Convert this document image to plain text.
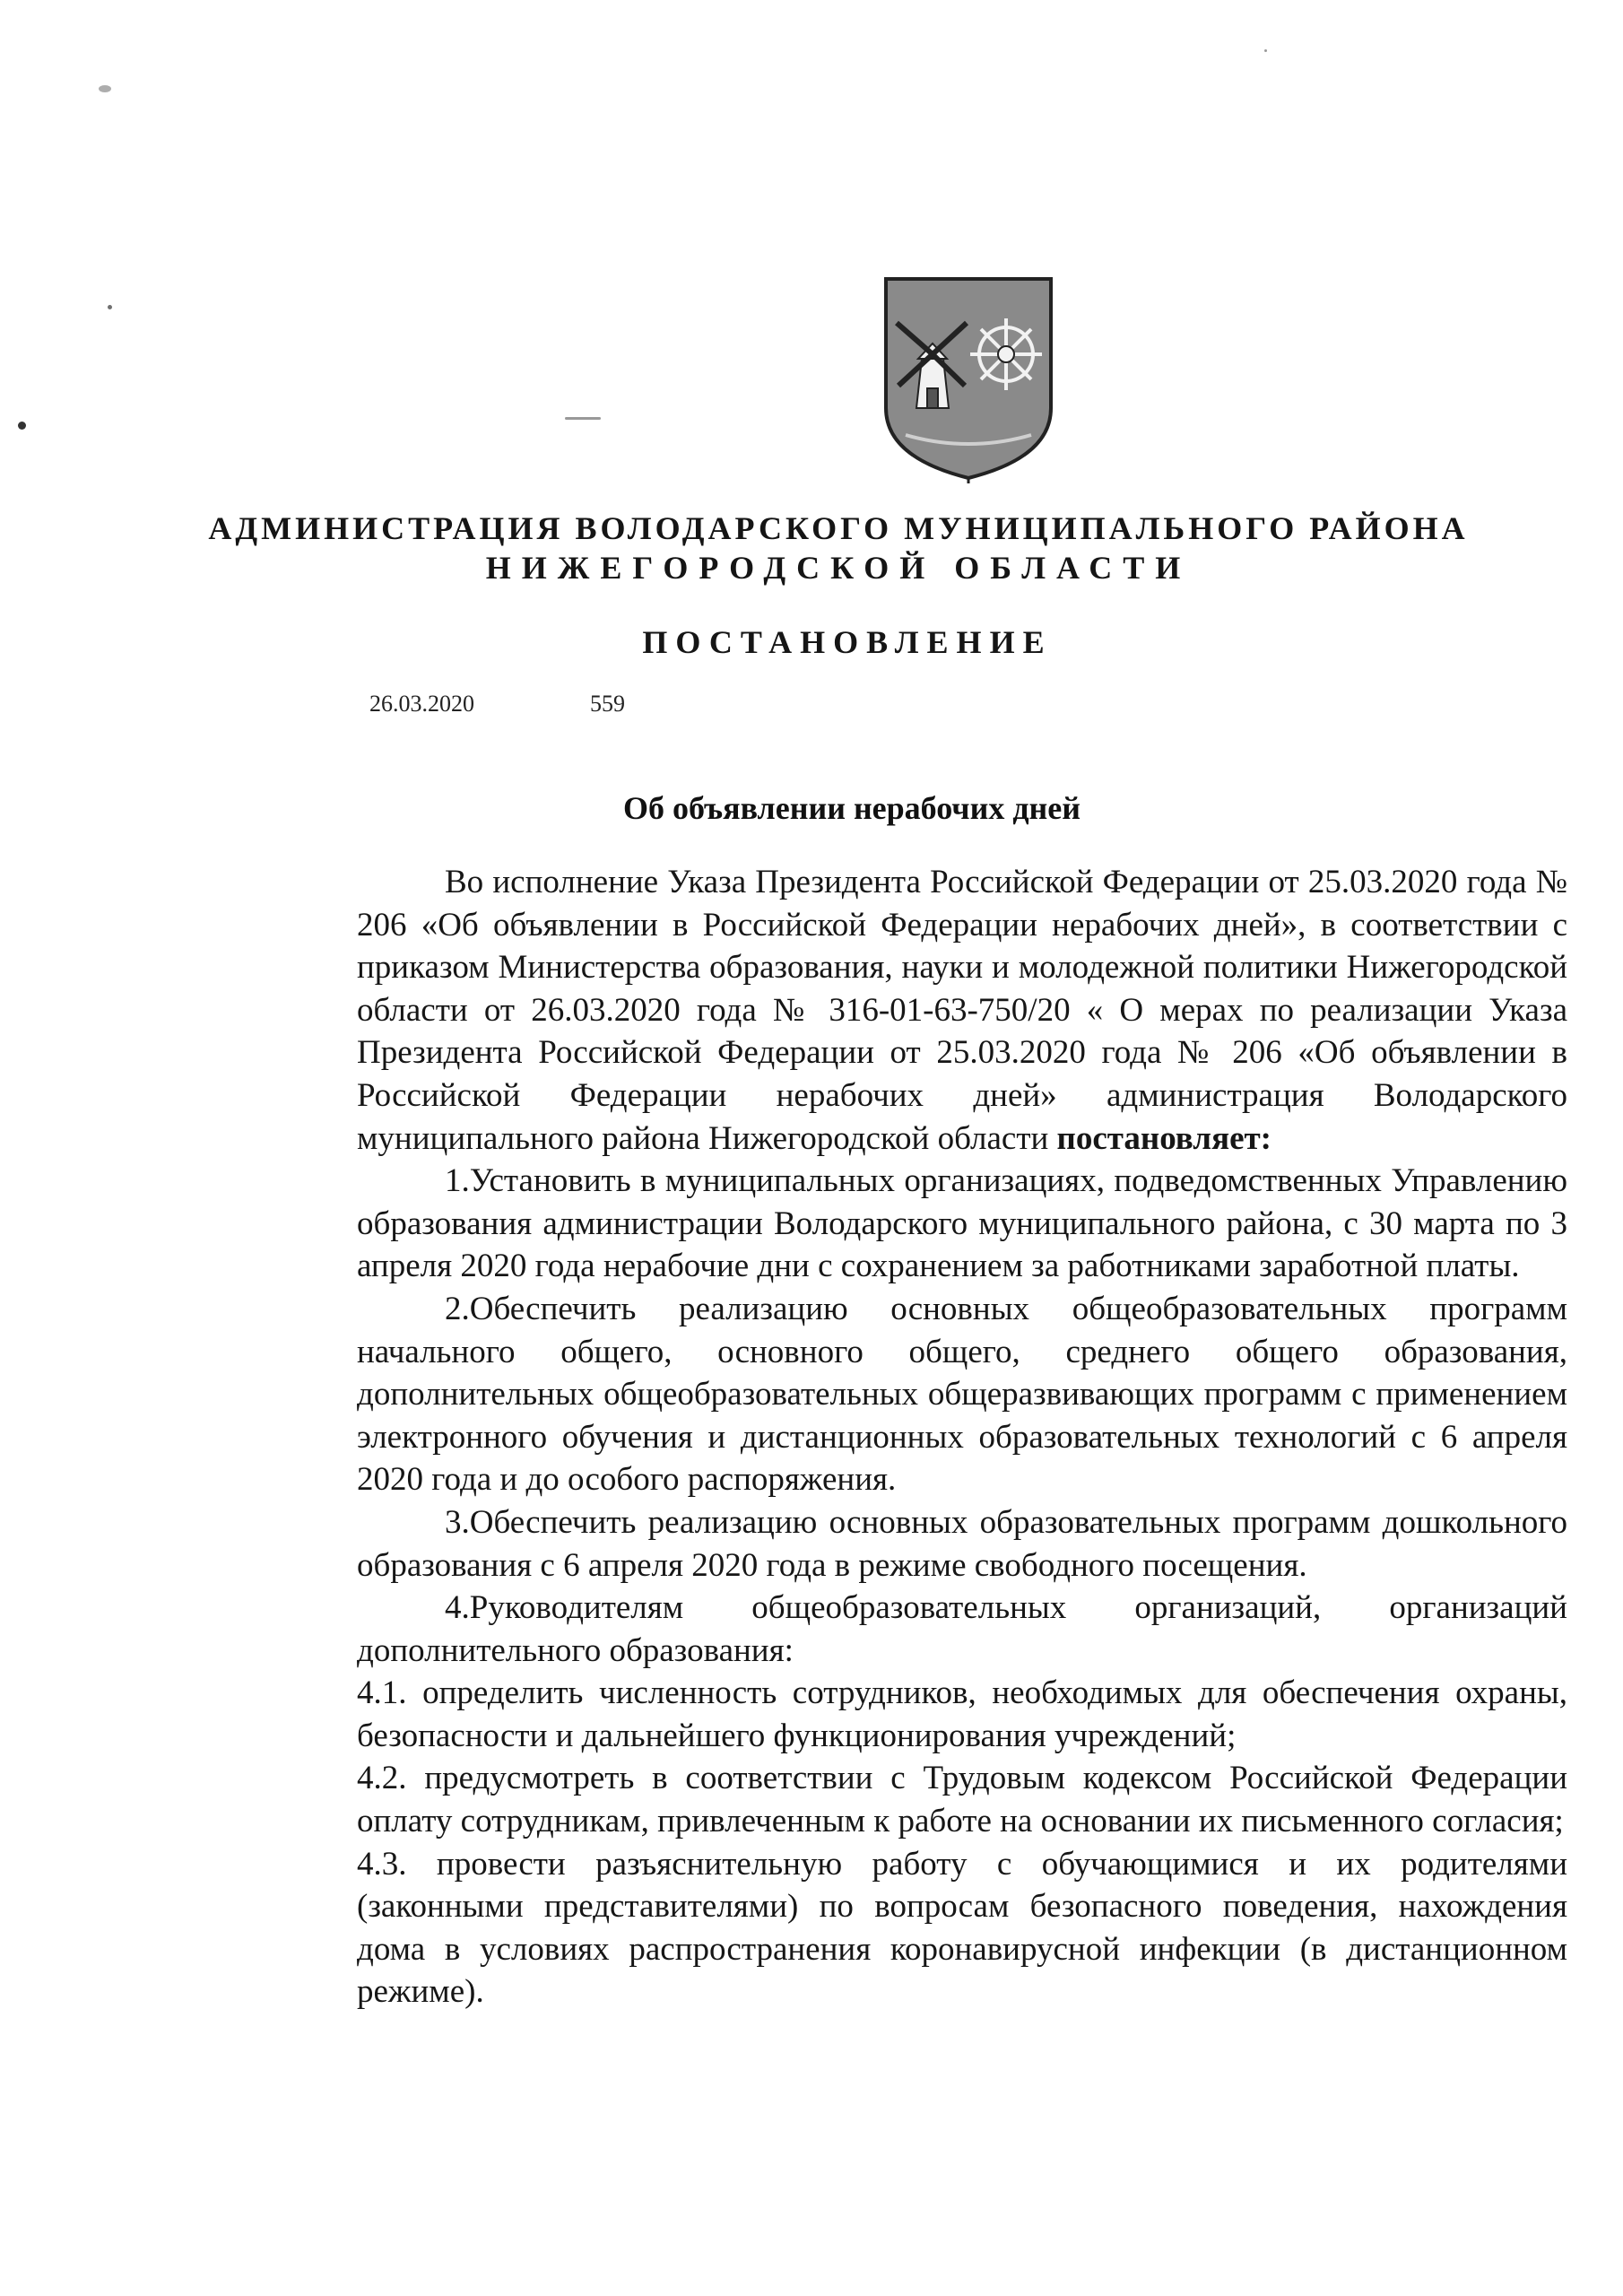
АДМИНИСТРАЦИЯ ВОЛОДАРСКОГО МУНИЦИПАЛЬНОГО РАЙОНА
НИЖЕГОРОДСКОЙ ОБЛАСТИ
ПОСТАНОВЛЕНИЕ
26.03.2020	559
Об объявлении нерабочих дней

Во исполнение Указа Президента Российской Федерации от 25.03.2020 года № 206 «Об объявлении в Российской Федерации нерабочих дней», в соответствии с приказом Министерства образования, науки и молодежной политики Нижегородской области от 26.03.2020 года № 316-01-63-750/20 « О мерах по реализации Указа Президента Российской Федерации от 25.03.2020 года № 206 «Об объявлении в Российской Федерации нерабочих дней» администрация Володарского муниципального района Нижегородской области постановляет:

1.Установить в муниципальных организациях, подведомственных Управлению образования администрации Володарского муниципального района, с 30 марта по 3 апреля 2020 года нерабочие дни с сохранением за работниками заработной платы.

2.Обеспечить реализацию основных общеобразовательных программ начального общего, основного общего, среднего общего образования, дополнительных общеобразовательных общеразвивающих программ с применением электронного обучения и дистанционных образовательных технологий с 6 апреля 2020 года и до особого распоряжения.

3.Обеспечить реализацию основных образовательных программ дошкольного образования с 6 апреля 2020 года в режиме свободного посещения.

4.Руководителям общеобразовательных организаций, организаций дополнительного образования:

4.1. определить численность сотрудников, необходимых для обеспечения охраны, безопасности и дальнейшего функционирования учреждений;

4.2. предусмотреть в соответствии с Трудовым кодексом Российской Федерации оплату сотрудникам, привлеченным к работе на основании их письменного согласия;

4.3. провести разъяснительную работу с обучающимися и их родителями (законными представителями) по вопросам безопасного поведения, нахождения дома в условиях распространения коронавирусной инфекции (в дистанционном режиме).
